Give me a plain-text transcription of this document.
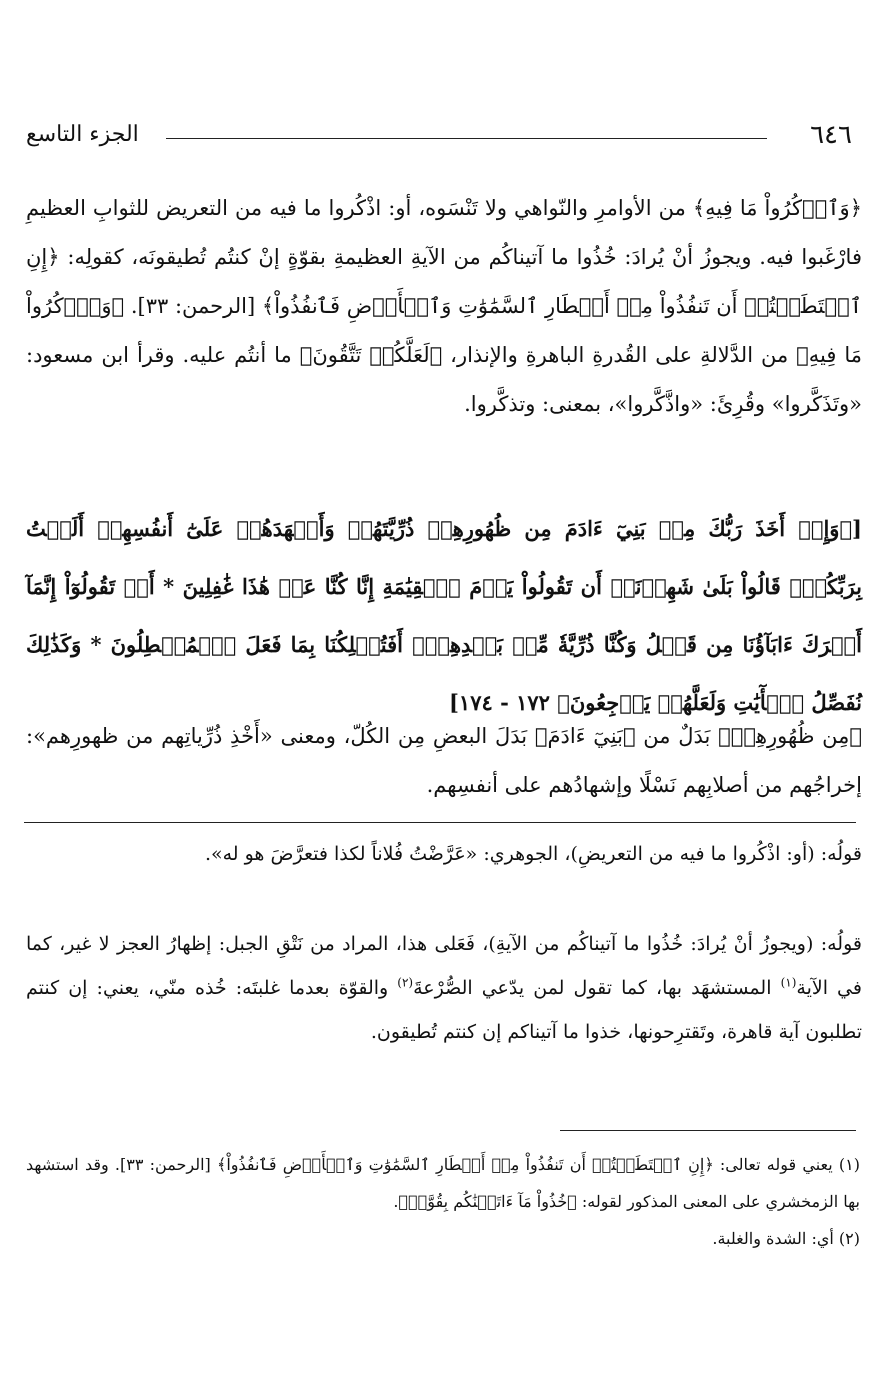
٦٤٦
الجزء التاسع

﴿وَٱذۡكُرُواْ مَا فِيهِ﴾ من الأوامرِ والنّواهي ولا تَنْسَوه، أو: اذْكُروا ما فيه من التعريض للثوابِ العظيمِ فارْغَبوا فيه. ويجوزُ أنْ يُرادَ: خُذُوا ما آتيناكُم من الآيةِ العظيمةِ بقوّةٍ إنْ كنتُم تُطيقونَه، كقولِه: ﴿إِنِ ٱسۡتَطَعۡتُمۡ أَن تَنفُذُواْ مِنۡ أَقۡطَارِ ٱلسَّمَٰوَٰتِ وَٱلۡأَرۡضِ فَٱنفُذُواْ﴾ [الرحمن: ٣٣]. ﴿وَٱذۡكُرُواْ مَا فِيهِ﴾ من الدَّلالةِ على القُدرةِ الباهرةِ والإنذار، ﴿لَعَلَّكُمۡ تَتَّقُونَ﴾ ما أنتُم عليه. وقرأ ابن مسعود: «وتَذَكَّروا» وقُرِئَ: «واذَّكَّروا»، بمعنى: وتذكَّروا.

[﴿وَإِذۡ أَخَذَ رَبُّكَ مِنۢ بَنِيٓ ءَادَمَ مِن ظُهُورِهِمۡ ذُرِّيَّتَهُمۡ وَأَشۡهَدَهُمۡ عَلَىٰٓ أَنفُسِهِمۡ أَلَسۡتُ بِرَبِّكُمۡۖ قَالُواْ بَلَىٰ شَهِدۡنَآۚ أَن تَقُولُواْ يَوۡمَ ٱلۡقِيَٰمَةِ إِنَّا كُنَّا عَنۡ هَٰذَا غَٰفِلِينَ * أَوۡ تَقُولُوٓاْ إِنَّمَآ أَشۡرَكَ ءَابَآؤُنَا مِن قَبۡلُ وَكُنَّا ذُرِّيَّةٗ مِّنۢ بَعۡدِهِمۡۖ أَفَتُهۡلِكُنَا بِمَا فَعَلَ ٱلۡمُبۡطِلُونَ * وَكَذَٰلِكَ نُفَصِّلُ ٱلۡأٓيَٰتِ وَلَعَلَّهُمۡ يَرۡجِعُونَ﴾ ١٧٢ - ١٧٤]

﴿مِن ظُهُورِهِمۡ﴾ بَدَلٌ من ﴿بَنِيٓ ءَادَمَ﴾ بَدَلَ البعضِ مِن الكُلّ، ومعنى «أَخْذِ ذُرِّياتِهم من ظهورِهم»: إخراجُهم من أصلابِهم نَسْلًا وإشهادُهم على أنفسِهم.

قولُه: (أو: اذْكُروا ما فيه من التعريضِ)، الجوهري: «عَرَّضْتُ فُلاناً لكذا فتعرَّضَ هو له».

قولُه: (ويجوزُ أنْ يُرادَ: خُذُوا ما آتيناكُم من الآيةِ)، فَعَلى هذا، المراد من نَتْقِ الجبل: إظهارُ العجز لا غير، كما في الآية$^{(١)}$ المستشهَد بها، كما تقول لمن يدّعي الصُّرْعةَ$^{(٢)}$ والقوّة بعدما غلبتَه: خُذه منّي، يعني: إن كنتم تطلبون آية قاهرة، وتَقترِحونها، خذوا ما آتيناكم إن كنتم تُطيقون.

(١) يعني قوله تعالى: ﴿إِنِ ٱسۡتَطَعۡتُمۡ أَن تَنفُذُواْ مِنۡ أَقۡطَارِ ٱلسَّمَٰوَٰتِ وَٱلۡأَرۡضِ فَٱنفُذُواْ﴾ [الرحمن: ٣٣]. وقد استشهد بها الزمخشري على المعنى المذكور لقوله: ﴿خُذُواْ مَآ ءَاتَيۡنَٰكُم بِقُوَّةٖ﴾.

(٢) أي: الشدة والغلبة.
